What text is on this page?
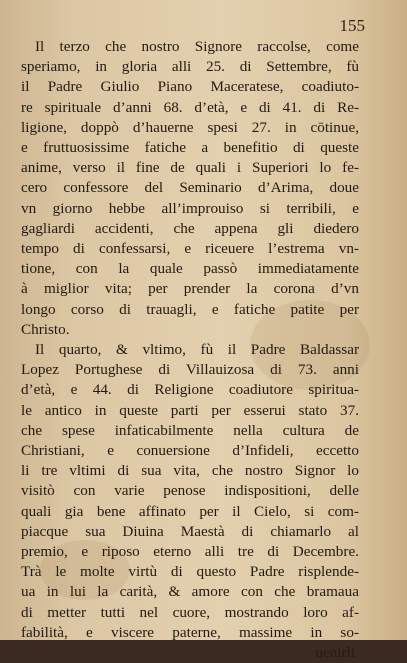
155
Il terzo che nostro Signore raccolse, come
speriamo, in gloria alli 25. di Settembre, fù
il Padre Giulio Piano Maceratese, coadiuto-
re spirituale d’anni 68. d’età, e di 41. di Re-
ligione, doppò d’hauerne spesi 27. in cōtinue,
e fruttuosissime fatiche a benefitio di queste
anime, verso il fine de quali i Superiori lo fe-
cero confessore del Seminario d’Arima, doue
vn giorno hebbe all’improuiso si terribili, e
gagliardi accidenti, che appena gli diedero
tempo di confessarsi, e riceuere l’estrema vn-
tione, con la quale passò immediatamente
à miglior vita; per prender la corona d’vn
longo corso di trauagli, e fatiche patite per
Christo.
Il quarto, & vltimo, fù il Padre Baldassar
Lopez Portughese di Villauizosa di 73. anni
d’età, e 44. di Religione coadiutore spiritua-
le antico in queste parti per esserui stato 37.
che spese infaticabilmente nella cultura de
Christiani, e conuersione d’Infideli, eccetto
li tre vltimi di sua vita, che nostro Signor lo
visitò con varie penose indispositioni, delle
quali gia bene affinato per il Cielo, si com-
piacque sua Diuina Maestà di chiamarlo al
premio, e riposo eterno alli tre di Decembre.
Trà le molte virtù di questo Padre risplende-
ua in lui la carità, & amore con che bramaua
di metter tutti nel cuore, mostrando loro af-
fabilità, e viscere paterne, massime in so-
uenirli
